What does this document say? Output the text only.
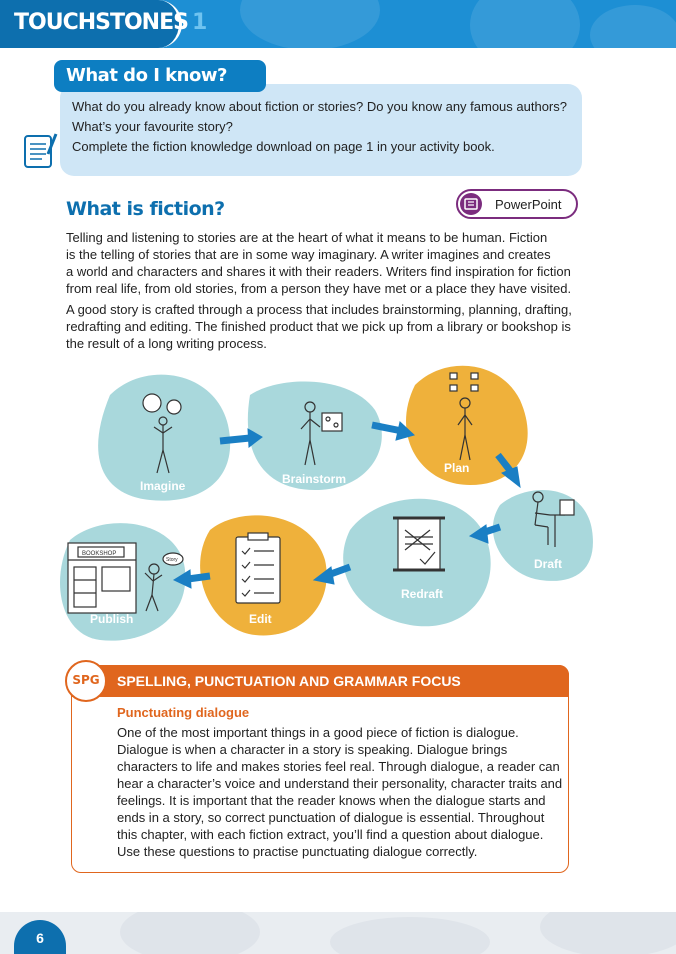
TOUCHSTONES 1
What do I know?

What do you already know about fiction or stories? Do you know any famous authors?

What’s your favourite story?

Complete the fiction knowledge download on page 1 in your activity book.

What is fiction?	PowerPoint
Telling and listening to stories are at the heart of what it means to be human. Fiction
is the telling of stories that are in some way imaginary. A writer imagines and creates
a world and characters and shares it with their readers. Writers find inspiration for fiction
from real life, from old stories, from a person they have met or a place they have visited.
A good story is crafted through a process that includes brainstorming, planning, drafting,
redrafting and editing. The finished product that we pick up from a library or bookshop is
the result of a long writing process.
Imagine	Brainstorm
Plan
Draft
Redraft
Edit
BOOKSHOP
Story
Publish
SPG	SPELLING, PUNCTUATION AND GRAMMAR FOCUS
Punctuating dialogue
One of the most important things in a good piece of fiction is dialogue.
Dialogue is when a character in a story is speaking. Dialogue brings
characters to life and makes stories feel real. Through dialogue, a reader can
hear a character’s voice and understand their personality, character traits and
feelings. It is important that the reader knows when the dialogue starts and
ends in a story, so correct punctuation of dialogue is essential. Throughout
this chapter, with each fiction extract, you’ll find a question about dialogue.
Use these questions to practise punctuating dialogue correctly.
6
